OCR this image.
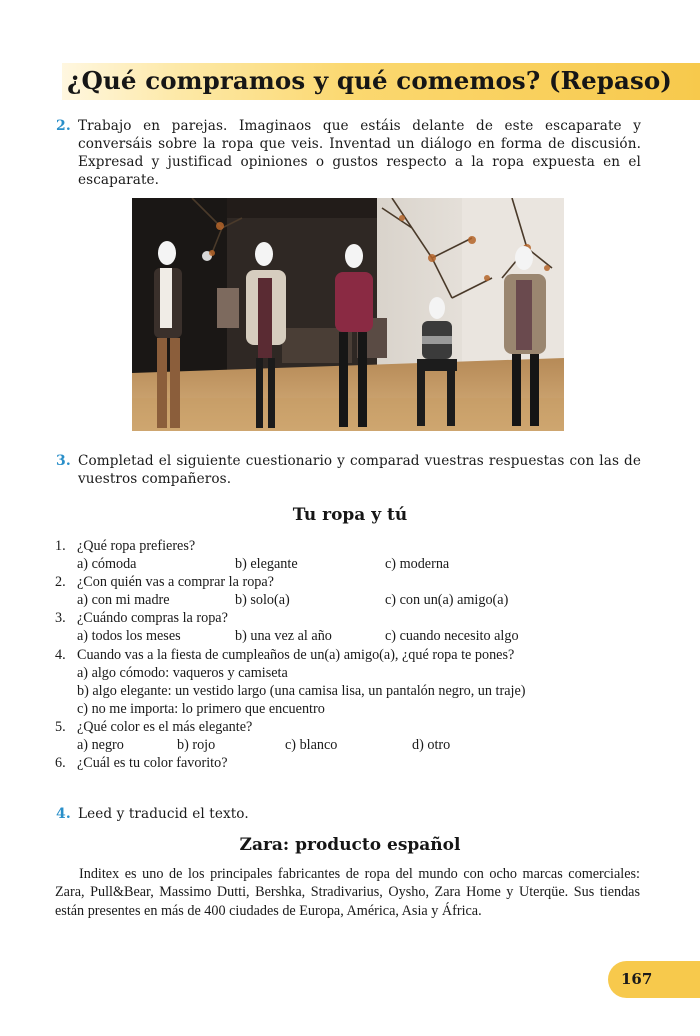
¿Qué compramos y qué comemos? (Repaso)
2. Trabajo en parejas. Imaginaos que estáis delante de este escaparate y conversáis sobre la ropa que veis. Inventad un diálogo en forma de discusión. Expresad y justificad opiniones o gustos respecto a la ropa expuesta en el escaparate.
3. Completad el siguiente cuestionario y comparad vuestras respuestas con las de vuestros compañeros.
Tu ropa y tú
1. ¿Qué ropa prefieres?
a) cómoda	b) elegante	c) moderna
2. ¿Con quién vas a comprar la ropa?
a) con mi madre	b) solo(a)	c) con un(a) amigo(a)
3. ¿Cuándo compras la ropa?
a) todos los meses	b) una vez al año	c) cuando necesito algo
4. Cuando vas a la fiesta de cumpleaños de un(a) amigo(a), ¿qué ropa te pones?
a) algo cómodo: vaqueros y camiseta
b) algo elegante: un vestido largo (una camisa lisa, un pantalón negro, un traje)
c) no me importa: lo primero que encuentro
5. ¿Qué color es el más elegante?
a) negro	b) rojo	c) blanco	d) otro
6. ¿Cuál es tu color favorito?
4. Leed y traducid el texto.
Zara: producto español
Inditex es uno de los principales fabricantes de ropa del mundo con ocho marcas comerciales: Zara, Pull&Bear, Massimo Dutti, Bershka, Stradivarius, Oysho, Zara Home y Uterqüe. Sus tiendas están presentes en más de 400 ciudades de Europa, América, Asia y África.
167
